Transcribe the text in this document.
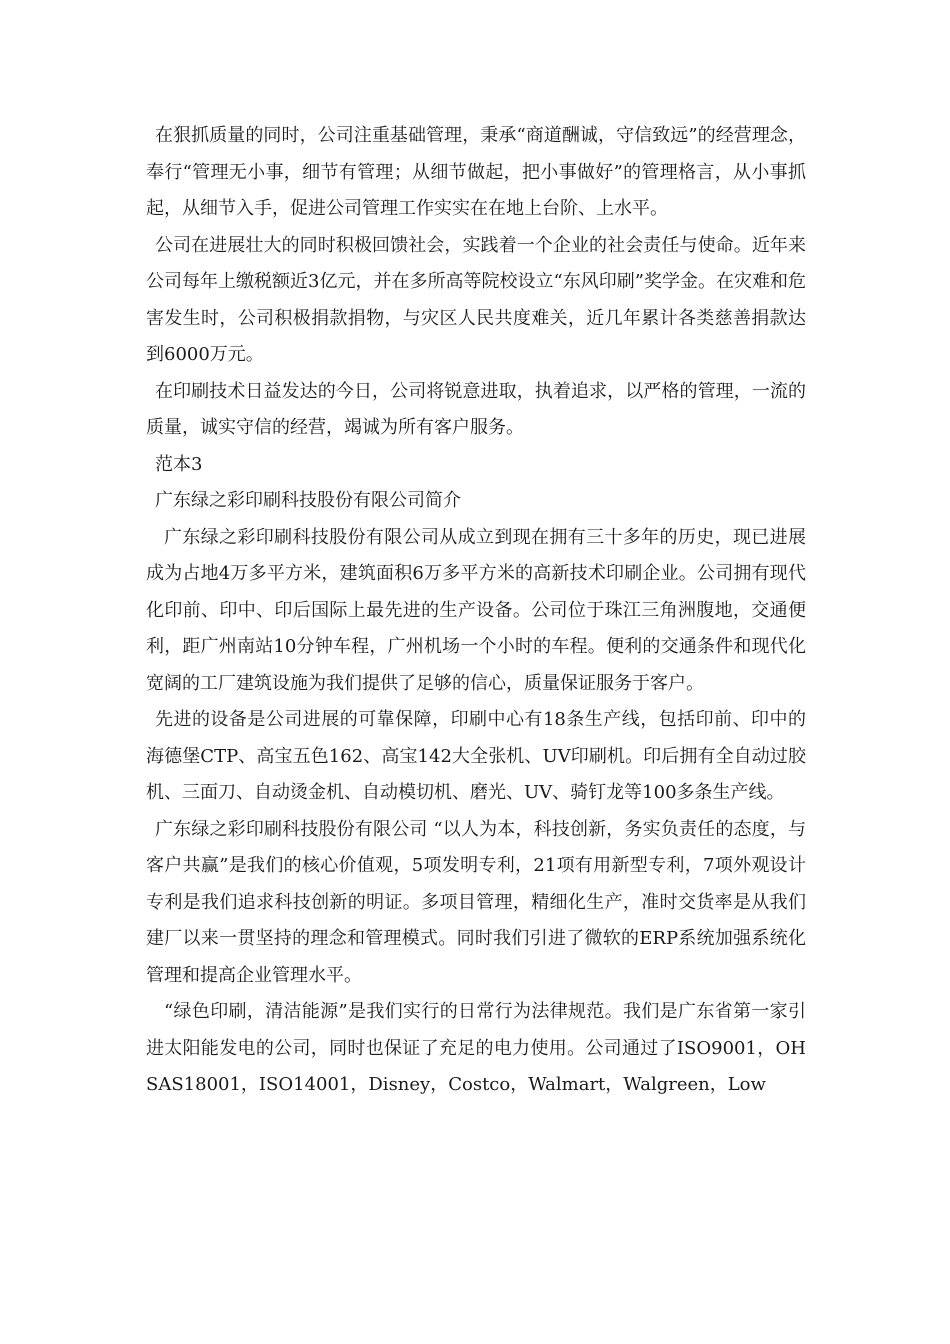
在狠抓质量的同时，公司注重基础管理，秉承“商道酬诚，守信致远”的经营理念，奉行“管理无小事，细节有管理；从细节做起，把小事做好”的管理格言，从小事抓起，从细节入手，促进公司管理工作实实在在地上台阶、上水平。

公司在进展壮大的同时积极回馈社会，实践着一个企业的社会责任与使命。近年来公司每年上缴税额近3亿元，并在多所高等院校设立“东风印刷”奖学金。在灾难和危害发生时，公司积极捐款捐物，与灾区人民共度难关，近几年累计各类慈善捐款达到6000万元。

在印刷技术日益发达的今日，公司将锐意进取，执着追求，以严格的管理，一流的质量，诚实守信的经营，竭诚为所有客户服务。

范本3

广东绿之彩印刷科技股份有限公司简介

广东绿之彩印刷科技股份有限公司从成立到现在拥有三十多年的历史，现已进展成为占地4万多平方米，建筑面积6万多平方米的高新技术印刷企业。公司拥有现代化印前、印中、印后国际上最先进的生产设备。公司位于珠江三角洲腹地，交通便利，距广州南站10分钟车程，广州机场一个小时的车程。便利的交通条件和现代化宽阔的工厂建筑设施为我们提供了足够的信心，质量保证服务于客户。

先进的设备是公司进展的可靠保障，印刷中心有18条生产线，包括印前、印中的海德堡CTP、高宝五色162、高宝142大全张机、UV印刷机。印后拥有全自动过胶机、三面刀、自动烫金机、自动模切机、磨光、UV、骑钉龙等100多条生产线。

广东绿之彩印刷科技股份有限公司 “以人为本，科技创新，务实负责任的态度，与客户共赢”是我们的核心价值观，5项发明专利，21项有用新型专利，7项外观设计专利是我们追求科技创新的明证。多项目管理，精细化生产，准时交货率是从我们建厂以来一贯坚持的理念和管理模式。同时我们引进了微软的ERP系统加强系统化管理和提高企业管理水平。

“绿色印刷，清洁能源”是我们实行的日常行为法律规范。我们是广东省第一家引进太阳能发电的公司，同时也保证了充足的电力使用。公司通过了ISO9001，OHSAS18001，ISO14001，Disney，Costco，Walmart，Walgreen，Low
